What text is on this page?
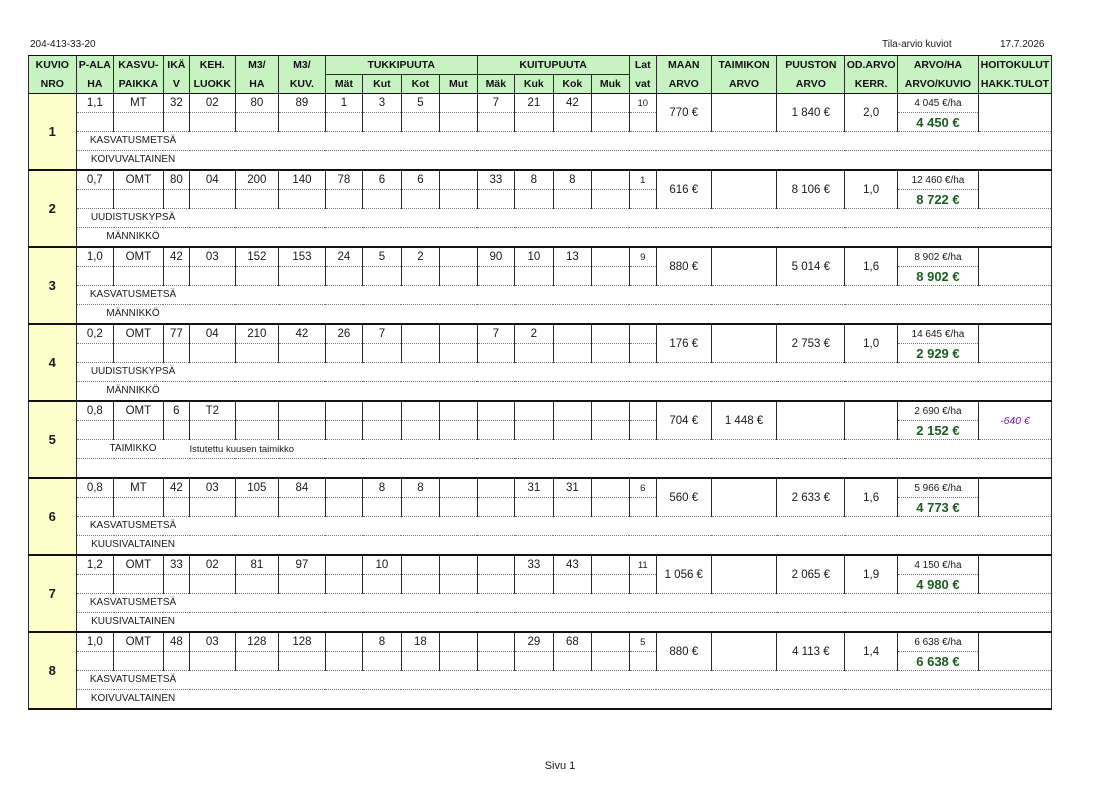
204-413-33-20	Tila-arvio kuviot	17.7.2026
KUVIO	P-ALA	KASVU-	IKÄ	KEH.	M3/	M3/	TUKKIPUUTA				KUITUPUUTA				Lat	MAAN	TAIMIKON	PUUSTON	OD.ARVO	ARVO/HA	HOITOKULUT
NRO	HA	PAIKKA	V	LUOKK	HA	KUV.	Mät	Kut	Kot	Mut	Mäk	Kuk	Kok	Muk	vat	ARVO	ARVO	ARVO	KERR.	ARVO/KUVIO	HAKK.TULOT
1	1,1	MT	32	02	80	89	1	3	5		7	21	42		10	770 €		1 840 €	2,0	4 045 €/ha	
																				4 450 €	
	KASVATUSMETSÄ																				
	KOIVUVALTAINEN																				
2	0,7	OMT	80	04	200	140	78	6	6		33	8	8		1	616 €		8 106 €	1,0	12 460 €/ha	
																				8 722 €	
	UUDISTUSKYPSÄ																				
	MÄNNIKKÖ																				
3	1,0	OMT	42	03	152	153	24	5	2		90	10	13		9	880 €		5 014 €	1,6	8 902 €/ha	
																				8 902 €	
	KASVATUSMETSÄ																				
	MÄNNIKKÖ																				
4	0,2	OMT	77	04	210	42	26	7			7	2				176 €		2 753 €	1,0	14 645 €/ha	
																				2 929 €	
	UUDISTUSKYPSÄ																				
	MÄNNIKKÖ																				
5	0,8	OMT	6	T2												704 €	1 448 €			2 690 €/ha	-640 €
																				2 152 €	
	TAIMIKKO			Istutettu kuusen taimikko																	

6	0,8	MT	42	03	105	84		8	8			31	31		6	560 €		2 633 €	1,6	5 966 €/ha	
																				4 773 €	
	KASVATUSMETSÄ																				
	KUUSIVALTAINEN																				
7	1,2	OMT	33	02	81	97		10				33	43		11	1 056 €		2 065 €	1,9	4 150 €/ha	
																				4 980 €	
	KASVATUSMETSÄ																				
	KUUSIVALTAINEN																				
8	1,0	OMT	48	03	128	128		8	18			29	68		5	880 €		4 113 €	1,4	6 638 €/ha	
																				6 638 €	
	KASVATUSMETSÄ																				
	KOIVUVALTAINEN																				
Sivu 1
